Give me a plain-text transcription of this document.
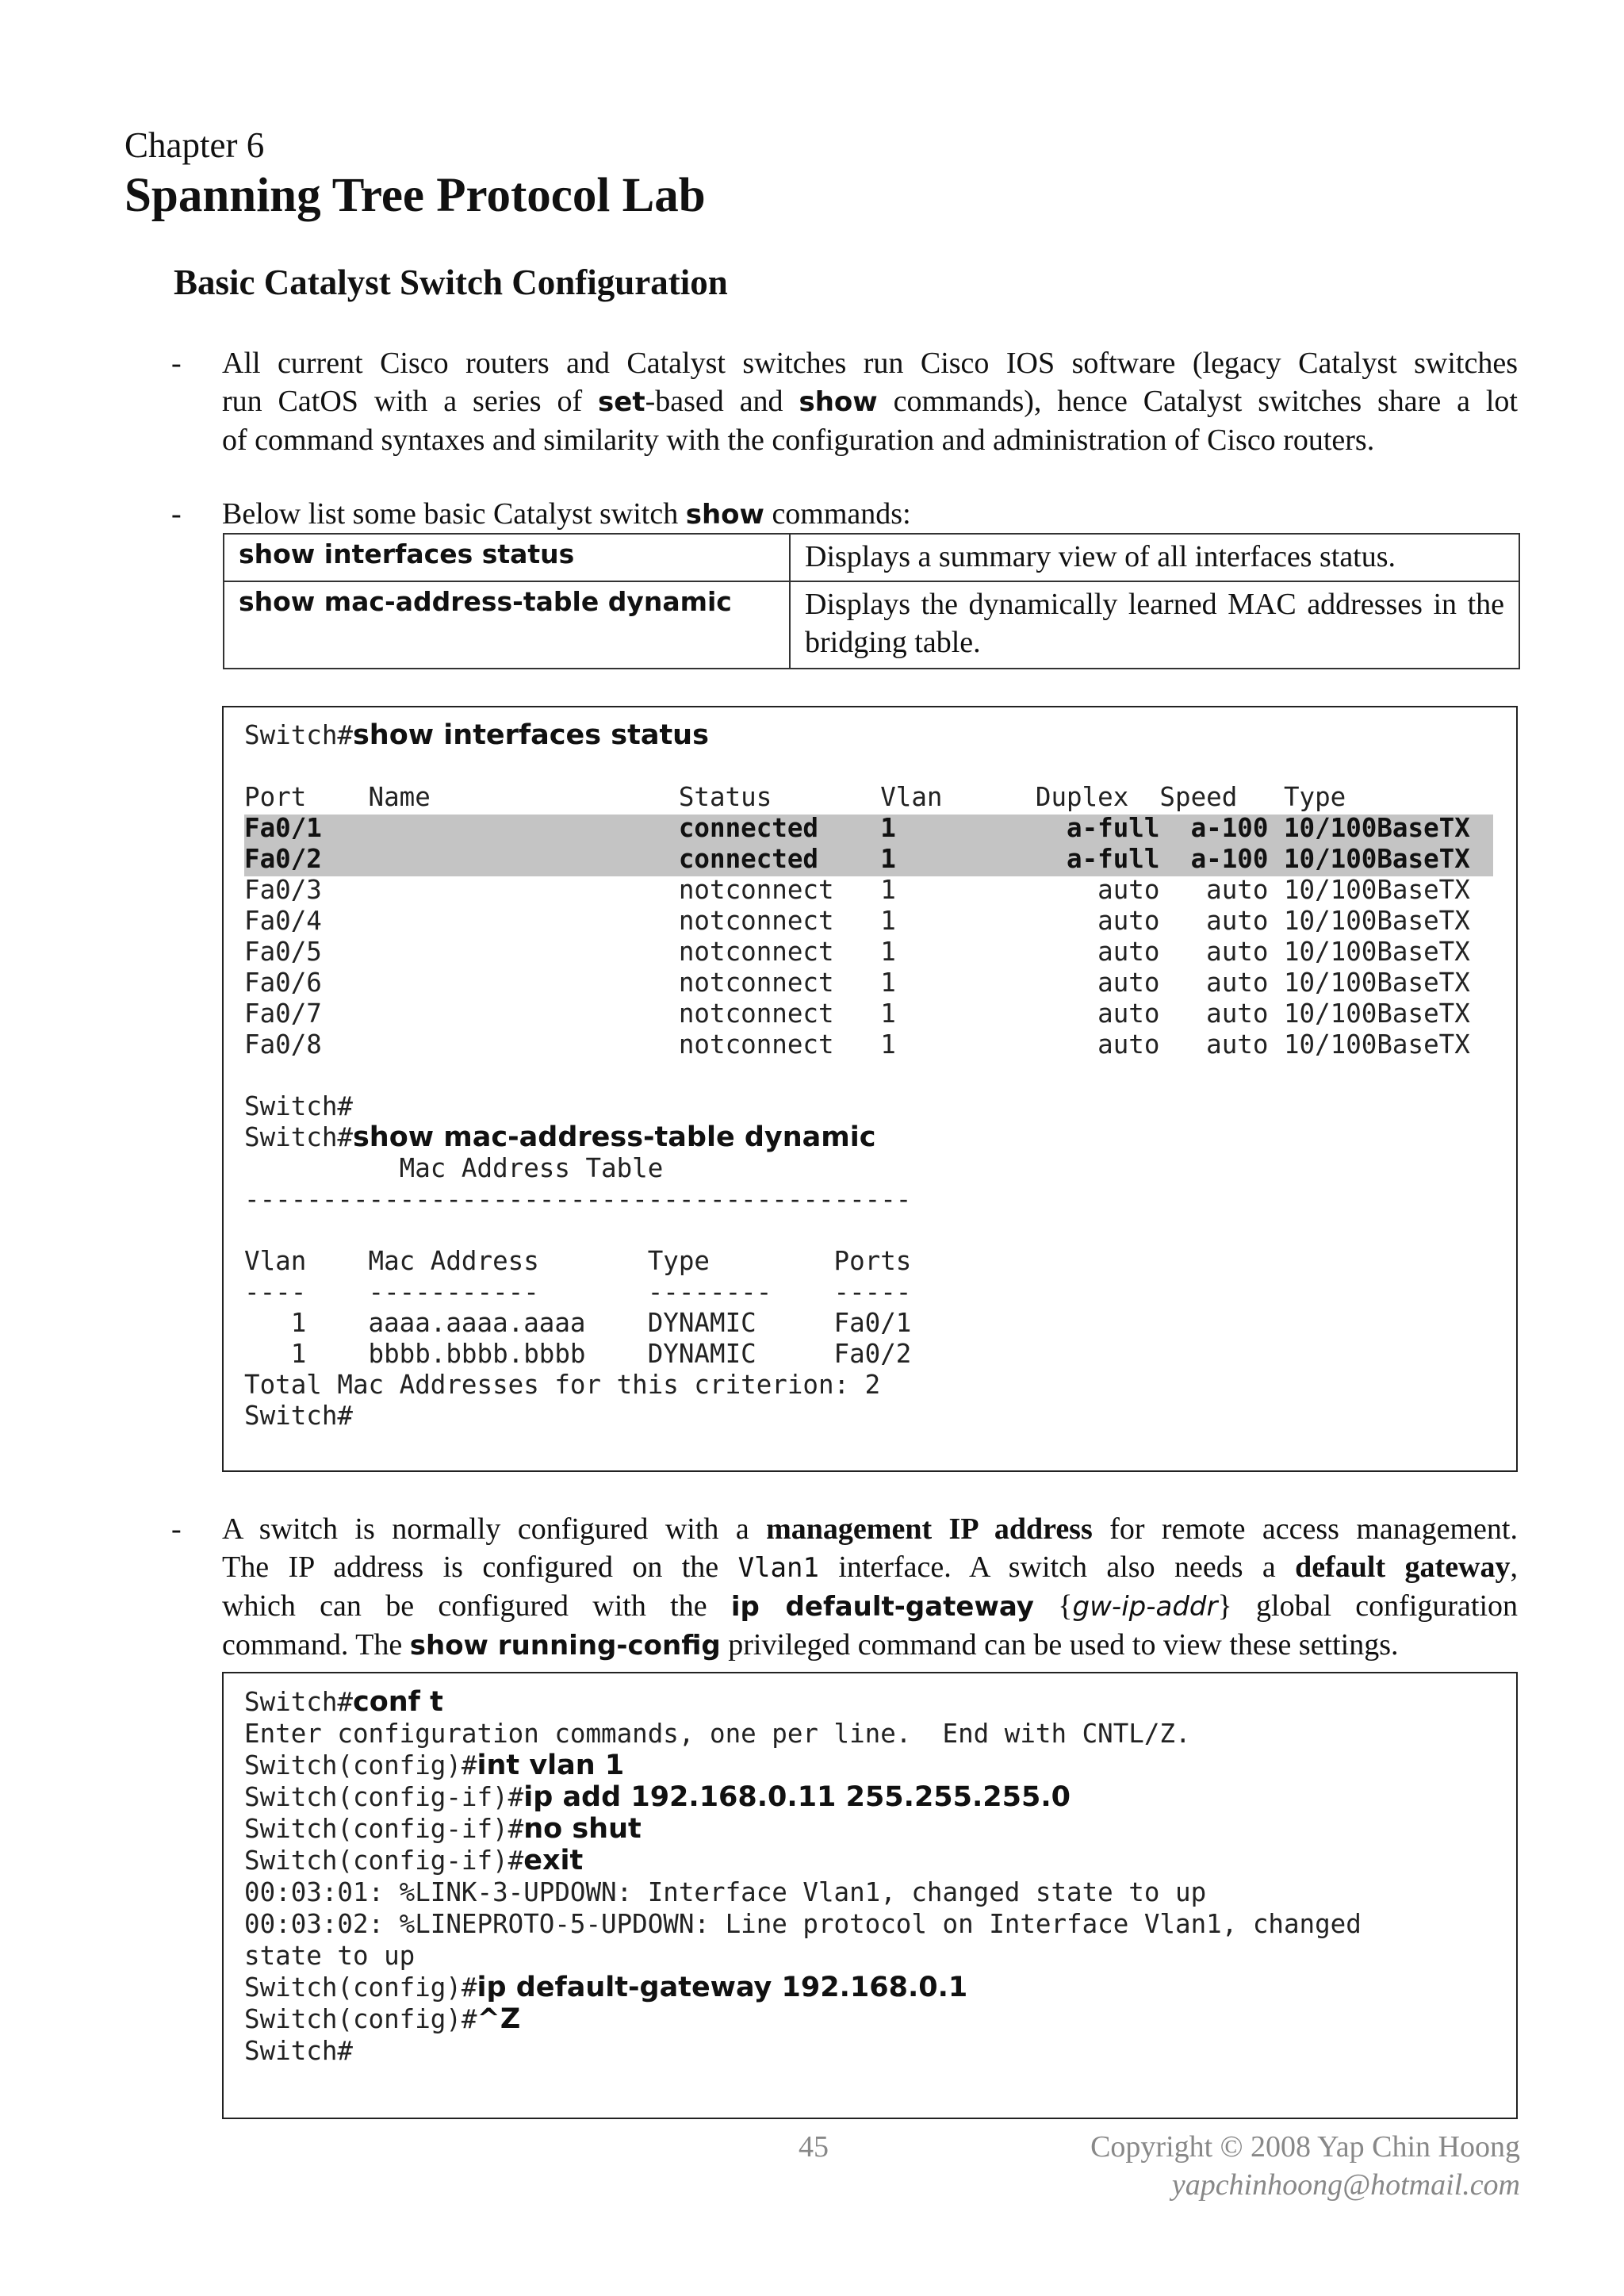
Chapter 6
Spanning Tree Protocol Lab
Basic Catalyst Switch Configuration
- All current Cisco routers and Catalyst switches run Cisco IOS software (legacy Catalyst switches
run CatOS with a series of set-based and show commands), hence Catalyst switches share a lot
of command syntaxes and similarity with the configuration and administration of Cisco routers.
- Below list some basic Catalyst switch show commands:
show interfaces status	Displays a summary view of all interfaces status.
show mac-address-table dynamic	Displays the dynamically learned MAC addresses in the bridging table.
Switch#show interfaces status

Port    Name                Status       Vlan      Duplex  Speed   Type
Fa0/1                       connected    1           a-full  a-100 10/100BaseTX
Fa0/2                       connected    1           a-full  a-100 10/100BaseTX
Fa0/3                       notconnect   1             auto   auto 10/100BaseTX
Fa0/4                       notconnect   1             auto   auto 10/100BaseTX
Fa0/5                       notconnect   1             auto   auto 10/100BaseTX
Fa0/6                       notconnect   1             auto   auto 10/100BaseTX
Fa0/7                       notconnect   1             auto   auto 10/100BaseTX
Fa0/8                       notconnect   1             auto   auto 10/100BaseTX

Switch#
Switch#show mac-address-table dynamic
Mac Address Table
-------------------------------------------

Vlan    Mac Address       Type        Ports
----    -----------       --------    -----
1    aaaa.aaaa.aaaa    DYNAMIC     Fa0/1
1    bbbb.bbbb.bbbb    DYNAMIC     Fa0/2
Total Mac Addresses for this criterion: 2
Switch#
- A switch is normally configured with a management IP address for remote access management.
The IP address is configured on the Vlan1 interface. A switch also needs a default gateway,
which can be configured with the ip default-gateway {gw-ip-addr} global configuration
command. The show running-config privileged command can be used to view these settings.
Switch#conf t
Enter configuration commands, one per line.  End with CNTL/Z.
Switch(config)#int vlan 1
Switch(config-if)#ip add 192.168.0.11 255.255.255.0
Switch(config-if)#no shut
Switch(config-if)#exit
00:03:01: %LINK-3-UPDOWN: Interface Vlan1, changed state to up
00:03:02: %LINEPROTO-5-UPDOWN: Line protocol on Interface Vlan1, changed
state to up
Switch(config)#ip default-gateway 192.168.0.1
Switch(config)#^Z
Switch#
45	Copyright © 2008 Yap Chin Hoong
yapchinhoong@hotmail.com
